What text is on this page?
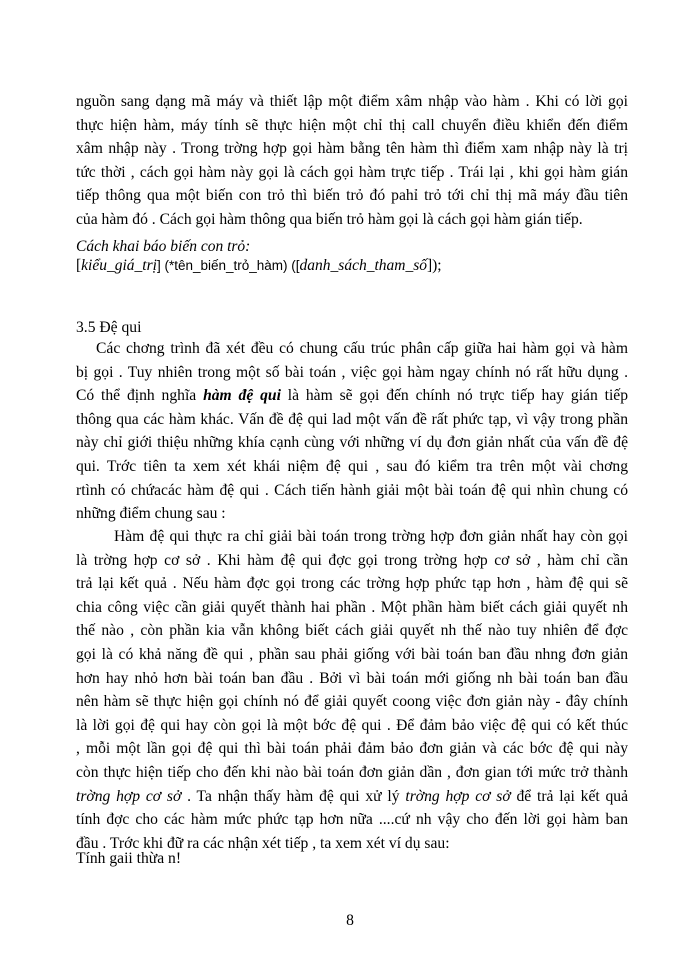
nguồn sang dạng mã máy và thiết lập một điểm xâm nhập vào hàm . Khi có lời gọi
thực hiện hàm, máy tính sẽ thực hiện một chỉ thị call chuyển điều khiển đến điểm
xâm nhập này . Trong trờng hợp gọi hàm bằng tên hàm thì điểm xam nhập này là trị
tức thời , cách gọi hàm này gọi là cách gọi hàm trực tiếp . Trái lại , khi gọi hàm gián
tiếp thông qua một biến con trỏ thì biến trỏ đó pahỉ trỏ tới chỉ thị mã máy đầu tiên
của hàm đó . Cách gọi hàm thông qua biến trỏ hàm gọi là cách gọi hàm gián tiếp.
Cách khai báo biến con trỏ:
[kiểu_giá_trị] (*tên_biến_trỏ_hàm) ([danh_sách_tham_số]);
3.5 Đệ qui
Các chơng trình đã xét đều có chung cấu trúc phân cấp giữa hai hàm gọi và hàm
bị gọi . Tuy nhiên trong một số bài toán , việc gọi hàm ngay chính nó rất hữu dụng .
Có thể định nghĩa hàm đệ qui là hàm sẽ gọi đến chính nó trực tiếp hay gián tiếp
thông qua các hàm khác. Vấn đề đệ qui lad một vấn đề rất phức tạp, vì vậy trong phần
này chỉ giới thiệu những khía cạnh cùng với những ví dụ đơn giản nhất của vấn đề đệ
qui. Trớc tiên ta xem xét khái niệm đệ qui , sau đó kiểm tra trên một vài chơng
rtình có chứacác hàm đệ qui . Cách tiến hành giải một bài toán đệ qui nhìn chung có
những điểm chung sau :
Hàm đệ qui thực ra chỉ giải bài toán trong trờng hợp đơn giản nhất hay còn gọi
là trờng hợp cơ sở . Khi hàm đệ qui đợc gọi trong trờng hợp cơ sở , hàm chỉ cần
trả lại kết quả . Nếu hàm đợc gọi trong các trờng hợp phức tạp hơn , hàm đệ qui sẽ
chia công việc cần giải quyết thành hai phần . Một phần hàm biết cách giải quyết nh
thế nào , còn phần kia vẫn không biết cách giải quyết nh thế nào tuy nhiên để đợc
gọi là có khả năng đề qui , phần sau phải giống với bài toán ban đầu nhng đơn giản
hơn hay nhỏ hơn bài toán ban đầu . Bởi vì bài toán mới giống nh bài toán ban đầu
nên hàm sẽ thực hiện gọi chính nó để giải quyết coong việc đơn giản này - đây chính
là lời gọi đệ qui hay còn gọi là một bớc đệ qui . Để đảm bảo việc đệ qui có kết thúc
, mỗi một lần gọi đệ qui thì bài toán phải đảm bảo đơn giản và các bớc đệ qui này
còn thực hiện tiếp cho đến khi nào bài toán đơn giản dần , đơn gian tới mức trở thành
trờng hợp cơ sở . Ta nhận thấy hàm đệ qui xử lý trờng hợp cơ sở để trả lại kết quả
tính đợc cho các hàm mức phức tạp hơn nữa ....cứ nh vậy cho đến lời gọi hàm ban
đầu . Trớc khi đữ ra các nhận xét tiếp , ta xem xét ví dụ sau:
Tính gaii thừa n!
8
